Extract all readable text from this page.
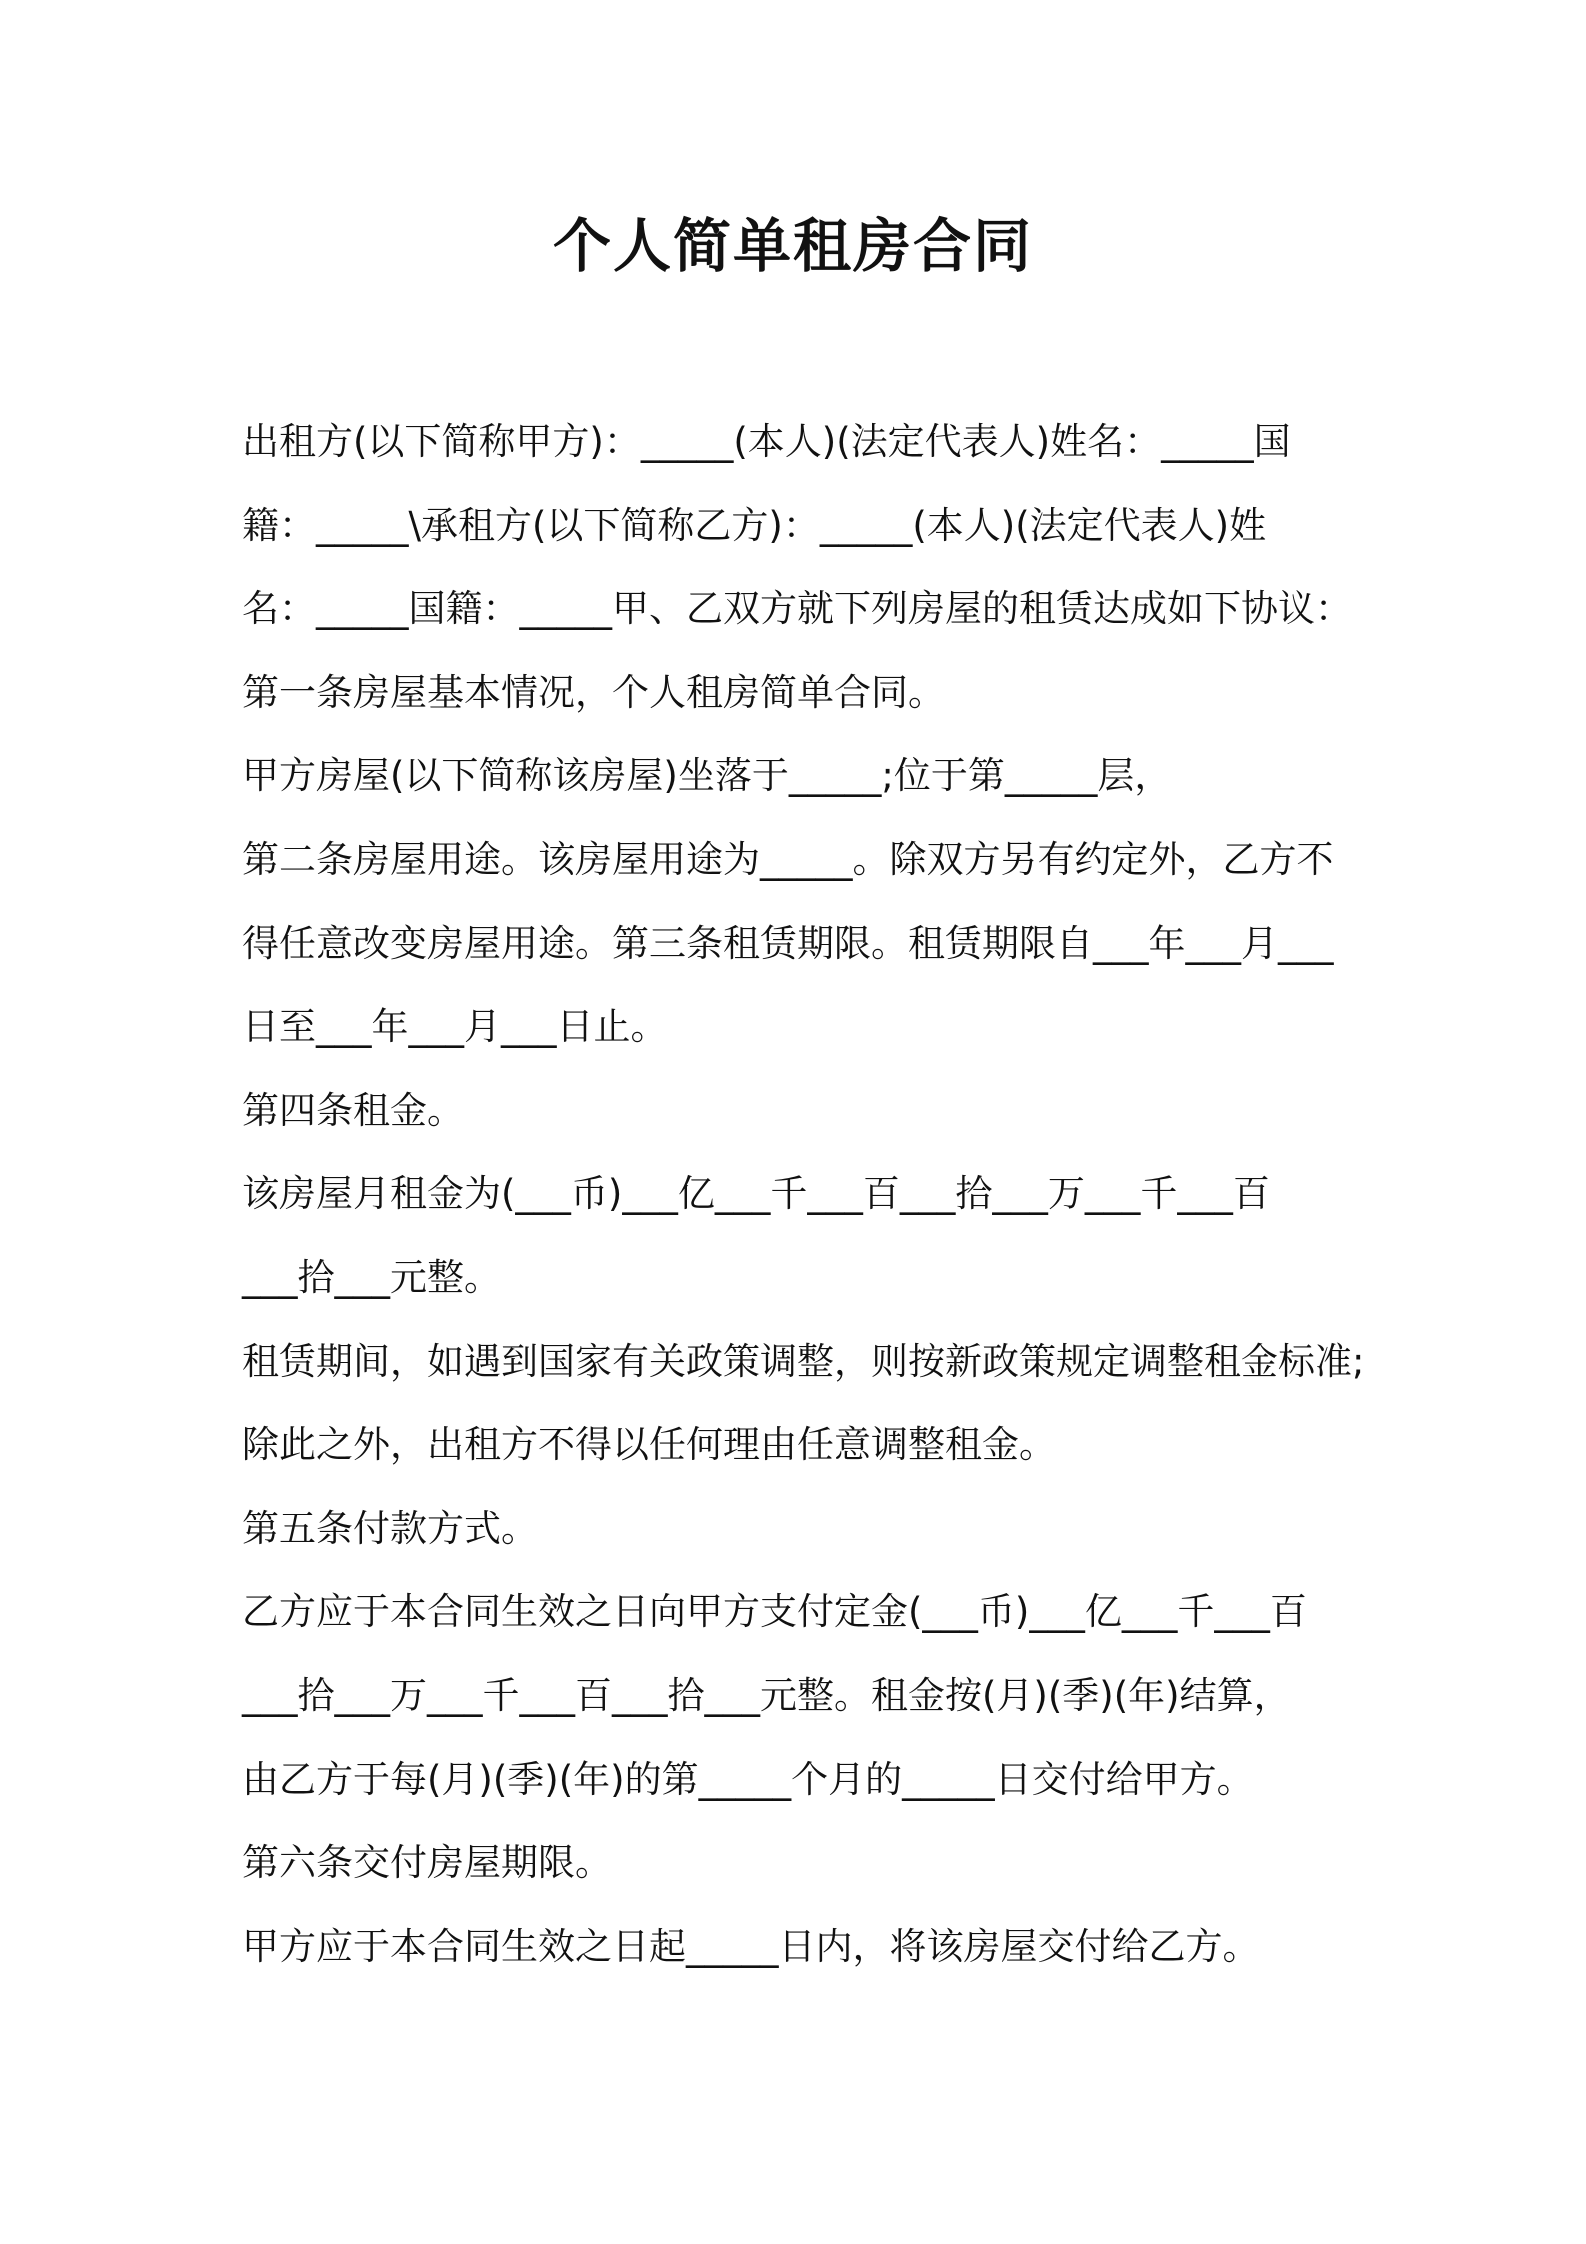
个人简单租房合同
出租方(以下简称甲方)：_____(本人)(法定代表人)姓名：_____国
籍：_____\承租方(以下简称乙方)：_____(本人)(法定代表人)姓
名：_____国籍：_____甲、乙双方就下列房屋的租赁达成如下协议：
第一条房屋基本情况，个人租房简单合同。
甲方房屋(以下简称该房屋)坐落于_____;位于第_____层，
第二条房屋用途。该房屋用途为_____。除双方另有约定外，乙方不
得任意改变房屋用途。第三条租赁期限。租赁期限自___年___月___
日至___年___月___日止。
第四条租金。
该房屋月租金为(___币)___亿___千___百___拾___万___千___百
___拾___元整。
租赁期间，如遇到国家有关政策调整，则按新政策规定调整租金标准;
除此之外，出租方不得以任何理由任意调整租金。
第五条付款方式。
乙方应于本合同生效之日向甲方支付定金(___币)___亿___千___百
___拾___万___千___百___拾___元整。租金按(月)(季)(年)结算，
由乙方于每(月)(季)(年)的第_____个月的_____日交付给甲方。
第六条交付房屋期限。
甲方应于本合同生效之日起_____日内，将该房屋交付给乙方。
